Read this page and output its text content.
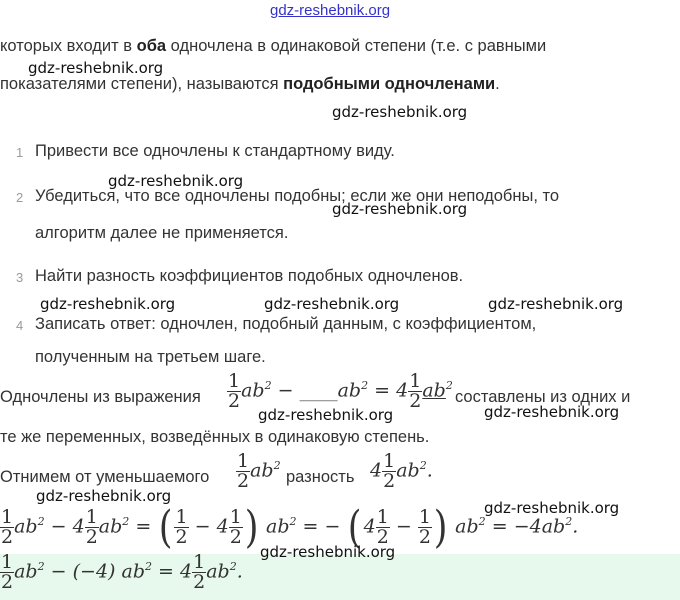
gdz-reshebnik.org
которых входит в оба одночлена в одинаковой степени (т.е. с равными
показателями степени), называются подобными одночленами.
1 Привести все одночлены к стандартному виду.
2 Убедиться, что все одночлены подобны; если же они неподобны, то
алгоритм далее не применяется.
3 Найти разность коэффициентов подобных одночленов.
4 Записать ответ: одночлен, подобный данным, с коэффициентом,
полученным на третьем шаге.
Одночлены из выражения $\frac{1}{2} ab^2$ − $\_\_\_\_ab^2 = 4 \frac{1}{2} ab^2$
составлены из одних и
те же переменных, возведённых в одинаковую степень.
Отнимем от уменьшаемого $\frac{1}{2} ab^2$
разность $4 \frac{1}{2} ab^2$.
$\frac{1}{2} ab^2 - 4 \frac{1}{2} ab^2$ = ( $\frac{1}{2} - 4 \frac{1}{2}$ ) $ab^2$ = − ($4 \frac{1}{2} - \frac{1}{2}$ ) $ab^2 = -4ab^2$.
$\frac{1}{2} ab^2 - (-4) ab^2 = 4 \frac{1}{2} ab^2$.
gdz-reshebnik.org
gdz-reshebnik.org
gdz-reshebnik.org
gdz-reshebnik.org
gdz-reshebnik.org	gdz-reshebnik.org	gdz-reshebnik.org
gdz-reshebnik.org	gdz-reshebnik.org
gdz-reshebnik.org
gdz-reshebnik.org
gdz-reshebnik.org
